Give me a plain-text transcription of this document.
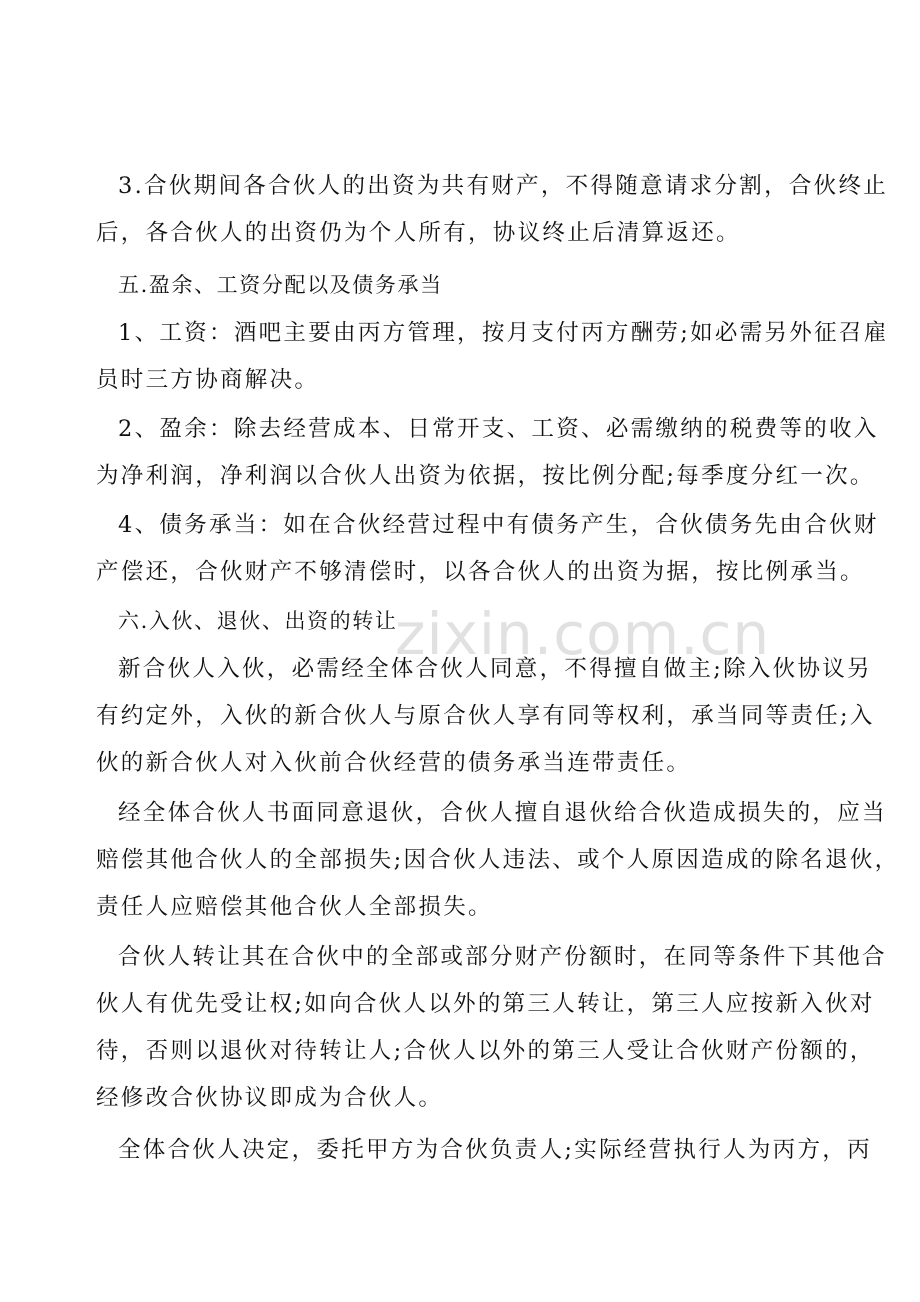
3.合伙期间各合伙人的出资为共有财产，不得随意请求分割，合伙终止
后，各合伙人的出资仍为个人所有，协议终止后清算返还。
五.盈余、工资分配以及债务承当
1、工资：酒吧主要由丙方管理，按月支付丙方酬劳;如必需另外征召雇
员时三方协商解决。
2、盈余：除去经营成本、日常开支、工资、必需缴纳的税费等的收入
为净利润，净利润以合伙人出资为依据，按比例分配;每季度分红一次。
4、债务承当：如在合伙经营过程中有债务产生，合伙债务先由合伙财
产偿还，合伙财产不够清偿时，以各合伙人的出资为据，按比例承当。
六.入伙、退伙、出资的转让
新合伙人入伙，必需经全体合伙人同意，不得擅自做主;除入伙协议另
有约定外，入伙的新合伙人与原合伙人享有同等权利，承当同等责任;入
伙的新合伙人对入伙前合伙经营的债务承当连带责任。
经全体合伙人书面同意退伙，合伙人擅自退伙给合伙造成损失的，应当
赔偿其他合伙人的全部损失;因合伙人违法、或个人原因造成的除名退伙，
责任人应赔偿其他合伙人全部损失。
合伙人转让其在合伙中的全部或部分财产份额时，在同等条件下其他合
伙人有优先受让权;如向合伙人以外的第三人转让，第三人应按新入伙对
待，否则以退伙对待转让人;合伙人以外的第三人受让合伙财产份额的，
经修改合伙协议即成为合伙人。
全体合伙人决定，委托甲方为合伙负责人;实际经营执行人为丙方，丙
zixin.com.cn
